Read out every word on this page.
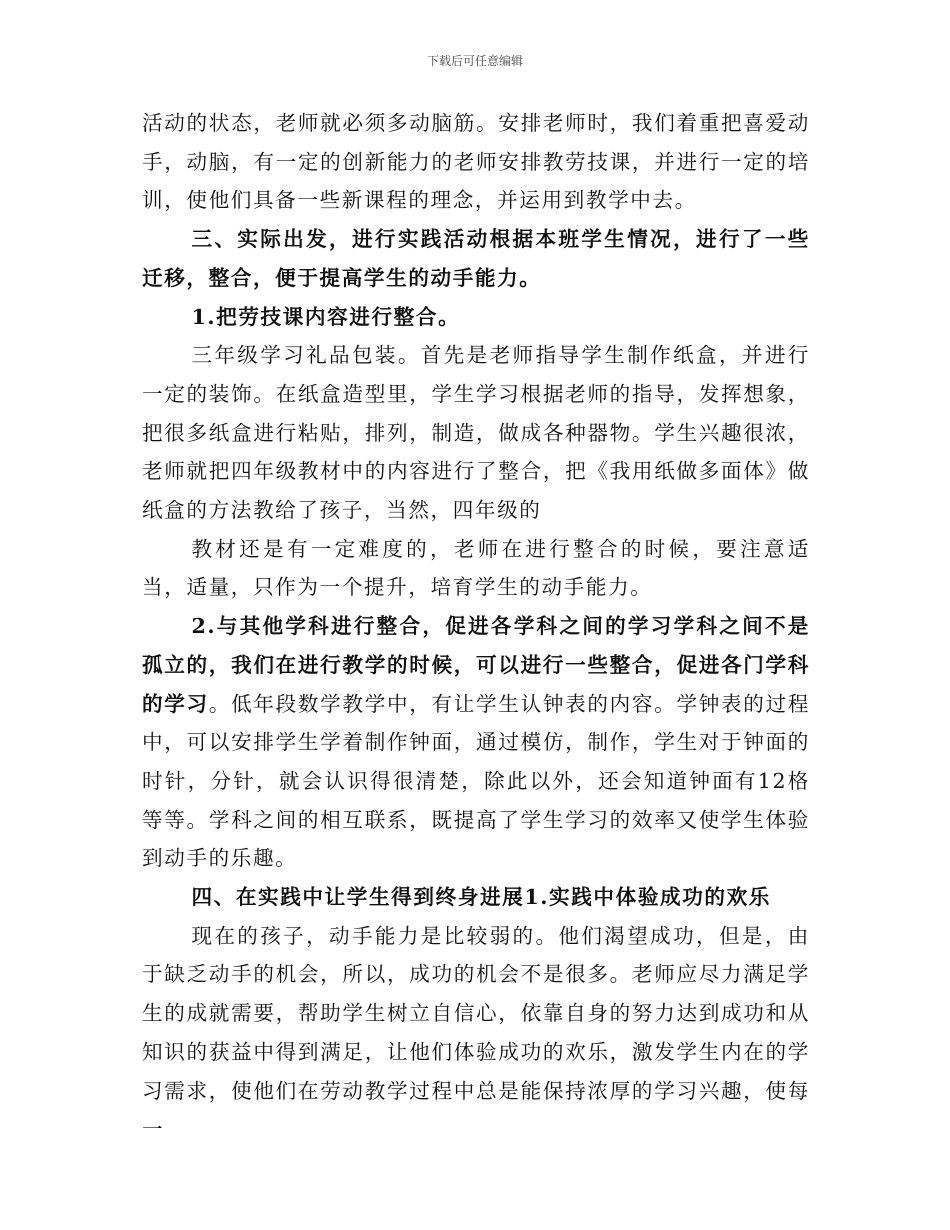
下载后可任意编辑

活动的状态，老师就必须多动脑筋。安排老师时，我们着重把喜爱动手，动脑，有一定的创新能力的老师安排教劳技课，并进行一定的培训，使他们具备一些新课程的理念，并运用到教学中去。

三、实际出发，进行实践活动根据本班学生情况，进行了一些迁移，整合，便于提高学生的动手能力。

1.把劳技课内容进行整合。

三年级学习礼品包装。首先是老师指导学生制作纸盒，并进行一定的装饰。在纸盒造型里，学生学习根据老师的指导，发挥想象，把很多纸盒进行粘贴，排列，制造，做成各种器物。学生兴趣很浓，老师就把四年级教材中的内容进行了整合，把《我用纸做多面体》做纸盒的方法教给了孩子，当然，四年级的

教材还是有一定难度的，老师在进行整合的时候，要注意适当，适量，只作为一个提升，培育学生的动手能力。

2.与其他学科进行整合，促进各学科之间的学习学科之间不是孤立的，我们在进行教学的时候，可以进行一些整合，促进各门学科的学习。低年段数学教学中，有让学生认钟表的内容。学钟表的过程中，可以安排学生学着制作钟面，通过模仿，制作，学生对于钟面的时针，分针，就会认识得很清楚，除此以外，还会知道钟面有12格等等。学科之间的相互联系，既提高了学生学习的效率又使学生体验到动手的乐趣。

四、在实践中让学生得到终身进展1.实践中体验成功的欢乐

现在的孩子，动手能力是比较弱的。他们渴望成功，但是，由于缺乏动手的机会，所以，成功的机会不是很多。老师应尽力满足学生的成就需要，帮助学生树立自信心，依靠自身的努力达到成功和从知识的获益中得到满足，让他们体验成功的欢乐，激发学生内在的学习需求，使他们在劳动教学过程中总是能保持浓厚的学习兴趣，使每一
